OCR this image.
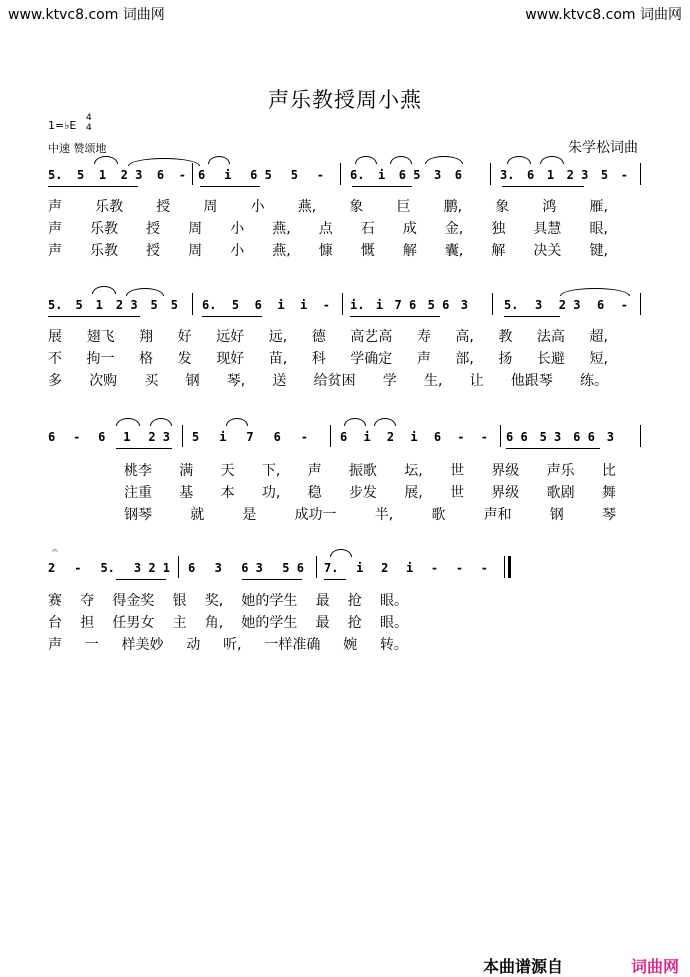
www.ktvc8.com 词曲网	www.ktvc8.com 词曲网
声乐教授周小燕
1=♭E
4
4
中速 赞颂地	朱学松词曲
5. 5 1 2 3 6 - 6 i 6 5 5 - 6. i 6 5 3 6	3. 6 1 2 3 5 -
声 乐教 授 周 小 燕, 象 巨 鹏, 象 鸿 雁,
声 乐教 授 周 小 燕, 点 石 成 金, 独 具慧 眼,
声 乐教 授 周 小 燕, 慷 慨 解 囊, 解 决关 键,
5. 5 1 2 3 5 5 6. 5 6 i i - i. i 7 6 5 6 3	5. 3 2 3 6 -
展 翅飞 翔 好 远好 远, 德 高艺高 寿 高, 教 法高 超,
不 拘一 格 发 现好 苗, 科 学确定 声 部, 扬 长避 短,
多 次购 买 钢 琴, 送 给贫困 学 生, 让 他跟琴 练。
6 - 6 1 2 3 5 i 7 6 -	6 i 2 i 6 - - 6 6 5 3 6 6 3
桃李 满 天 下, 声 振歌 坛, 世 界级 声乐 比
注重 基 本 功, 稳 步发 展, 世 界级 歌剧 舞
钢琴	就	是	成功一	半,	歌	声和	钢	琴
𝄐
2 - 5. 3 2 1 6 3 6 3 5 6 7. i 2 i - - -
赛 夺 得金奖 银 奖, 她的学生 最 抢 眼。
台 担 任男女 主 角, 她的学生 最 抢 眼。
声 一 样美妙 动 听, 一样准确 婉 转。
本曲谱源自	词曲网
